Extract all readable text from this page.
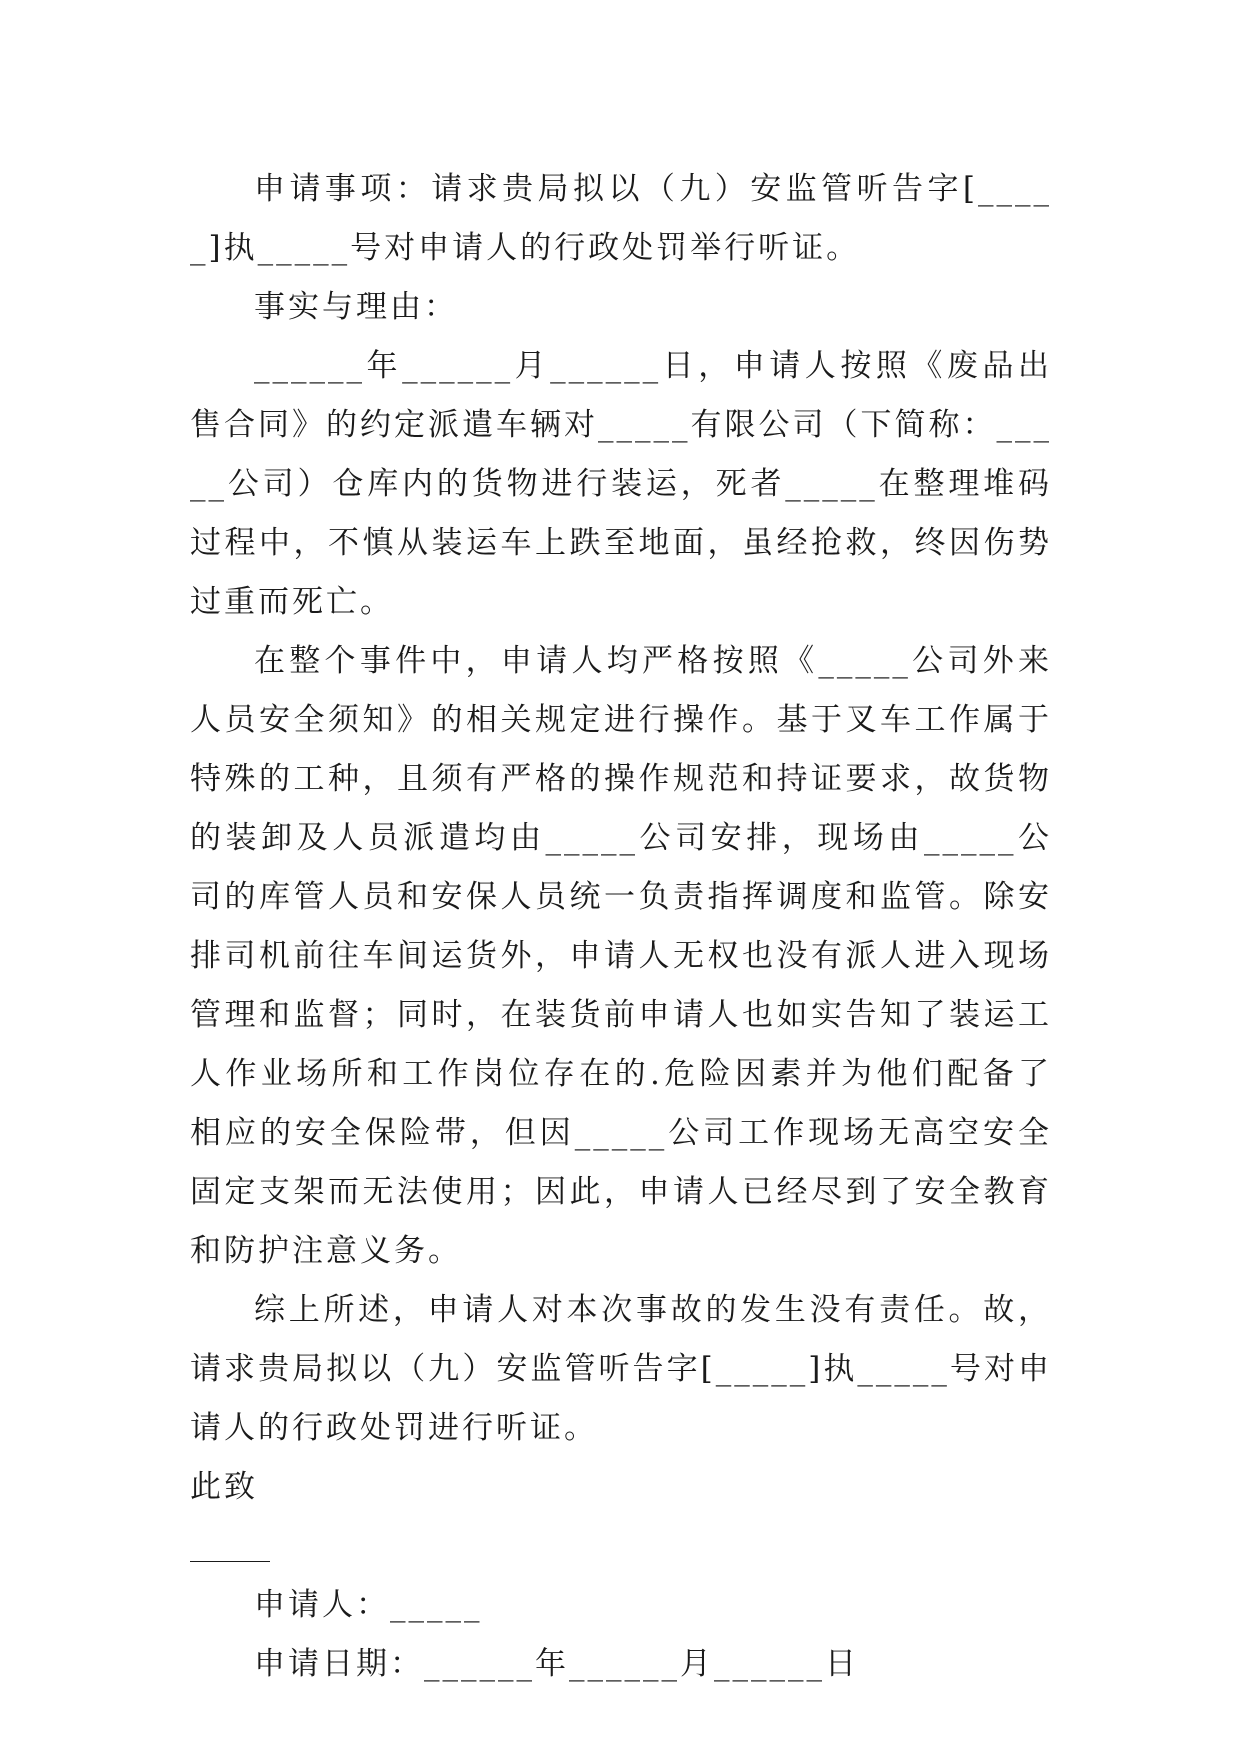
申请事项：请求贵局拟以（九）安监管听告字[_____]执_____号对申请人的行政处罚举行听证。

事实与理由：

______年______月______日，申请人按照《废品出售合同》的约定派遣车辆对_____有限公司（下简称：_____公司）仓库内的货物进行装运，死者_____在整理堆码过程中，不慎从装运车上跌至地面，虽经抢救，终因伤势过重而死亡。

在整个事件中，申请人均严格按照《_____公司外来人员安全须知》的相关规定进行操作。基于叉车工作属于特殊的工种，且须有严格的操作规范和持证要求，故货物的装卸及人员派遣均由_____公司安排，现场由_____公司的库管人员和安保人员统一负责指挥调度和监管。除安排司机前往车间运货外，申请人无权也没有派人进入现场管理和监督；同时，在装货前申请人也如实告知了装运工人作业场所和工作岗位存在的.危险因素并为他们配备了相应的安全保险带，但因_____公司工作现场无高空安全固定支架而无法使用；因此，申请人已经尽到了安全教育和防护注意义务。

综上所述，申请人对本次事故的发生没有责任。故，请求贵局拟以（九）安监管听告字[_____]执_____号对申请人的行政处罚进行听证。

此致

申请人：_____

申请日期：______年______月______日
